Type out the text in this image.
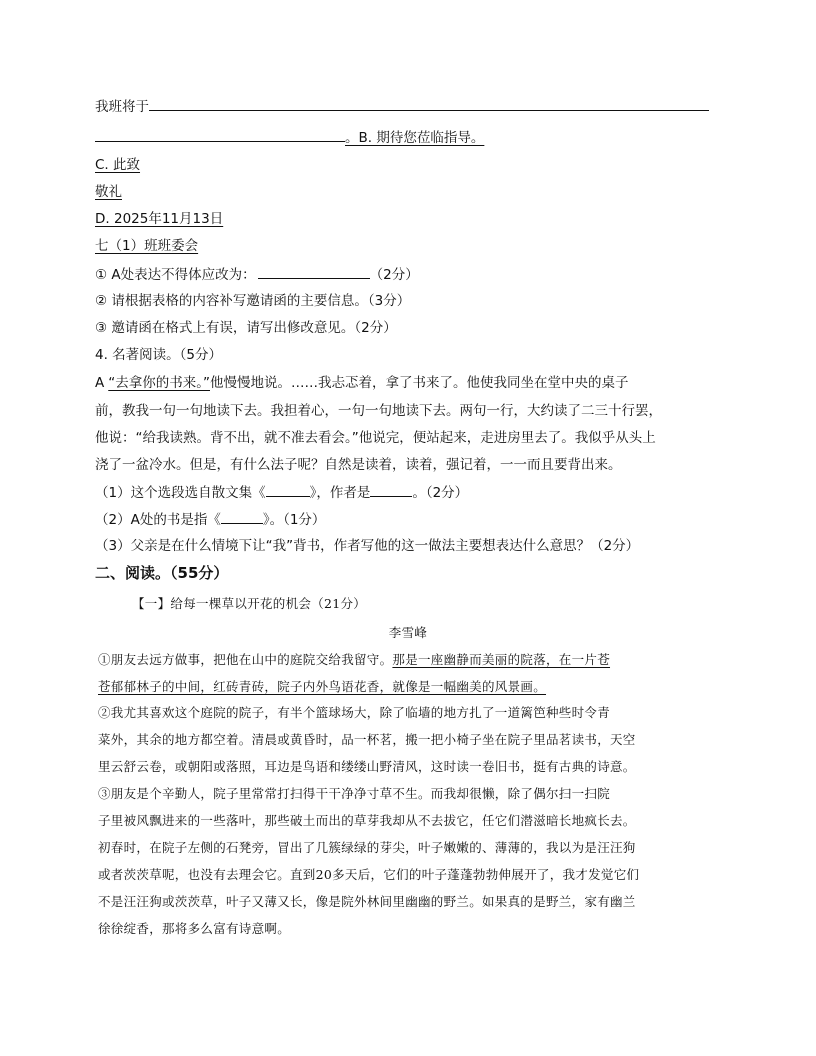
我班将于
。B. 期待您莅临指导。
C. 此致
敬礼
D. 2025年11月13日
七（1）班班委会
① A处表达不得体应改为：	（2分）
② 请根据表格的内容补写邀请函的主要信息。（3分）
③ 邀请函在格式上有误，请写出修改意见。（2分）
4. 名著阅读。（5分）
A “去拿你的书来。”他慢慢地说。……我忐忑着，拿了书来了。他使我同坐在堂中央的桌子
前，教我一句一句地读下去。我担着心，一句一句地读下去。两句一行，大约读了二三十行罢，
他说：“给我读熟。背不出，就不准去看会。”他说完，便站起来，走进房里去了。我似乎从头上
浇了一盆冷水。但是，有什么法子呢？自然是读着，读着，强记着，一一而且要背出来。
（1）这个选段选自散文集《	》，作者是	。（2分）
（2）A处的书是指《	》。（1分）
（3）父亲是在什么情境下让“我”背书，作者写他的这一做法主要想表达什么意思？（2分）
二、阅读。（55分）
【一】给每一棵草以开花的机会（21分）
李雪峰
①朋友去远方做事，把他在山中的庭院交给我留守。那是一座幽静而美丽的院落，在一片苍
苍郁郁林子的中间，红砖青砖，院子内外鸟语花香，就像是一幅幽美的风景画。
②我尤其喜欢这个庭院的院子，有半个篮球场大，除了临墙的地方扎了一道篱笆种些时令青
菜外，其余的地方都空着。清晨或黄昏时，品一杯茗，搬一把小椅子坐在院子里品茗读书，天空
里云舒云卷，或朝阳或落照，耳边是鸟语和缕缕山野清风，这时读一卷旧书，挺有古典的诗意。
③朋友是个辛勤人，院子里常常打扫得干干净净寸草不生。而我却很懒，除了偶尔扫一扫院
子里被风飘进来的一些落叶，那些破土而出的草芽我却从不去拔它，任它们潜滋暗长地疯长去。
初春时，在院子左侧的石凳旁，冒出了几簇绿绿的芽尖，叶子嫩嫩的、薄薄的，我以为是汪汪狗
或者茨茨草呢，也没有去理会它。直到20多天后，它们的叶子蓬蓬勃勃伸展开了，我才发觉它们
不是汪汪狗或茨茨草，叶子又薄又长，像是院外林间里幽幽的野兰。如果真的是野兰，家有幽兰
徐徐绽香，那将多么富有诗意啊。
